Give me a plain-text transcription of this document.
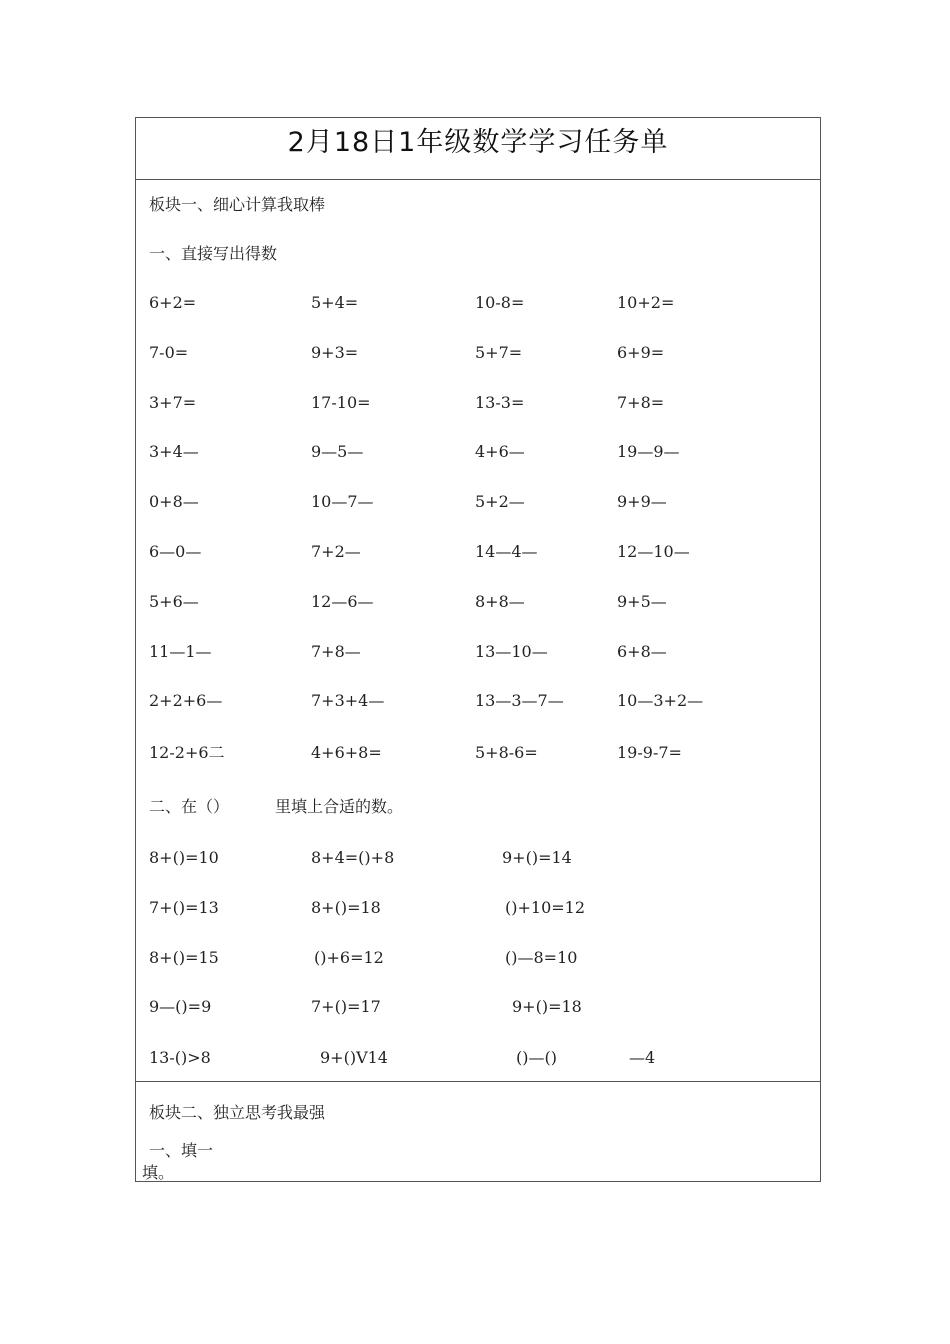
2月18日1年级数学学习任务单
板块一、细心计算我取棒
一、直接写出得数
6+2=	5+4=	10-8=	10+2=
7-0=	9+3=	5+7=	6+9=
3+7=	17-10=	13-3=	7+8=
3+4—	9—5—	4+6—	19—9—
0+8—	10—7—	5+2—	9+9—
6—0—	7+2—	14—4—	12—10—
5+6—	12—6—	8+8—	9+5—
11—1—	7+8—	13—10—	6+8—
2+2+6—	7+3+4—	13—3—7—	10—3+2—
12-2+6二	4+6+8=	5+8-6=	19-9-7=
二、在（）	里填上合适的数。
8+()=10	8+4=()+8	9+()=14
7+()=13	8+()=18	()+10=12
8+()=15	()+6=12	()—8=10
9—()=9	7+()=17	9+()=18
13-()>8	9+()V14	()—()	—4
板块二、独立思考我最强
一、填一
填。
